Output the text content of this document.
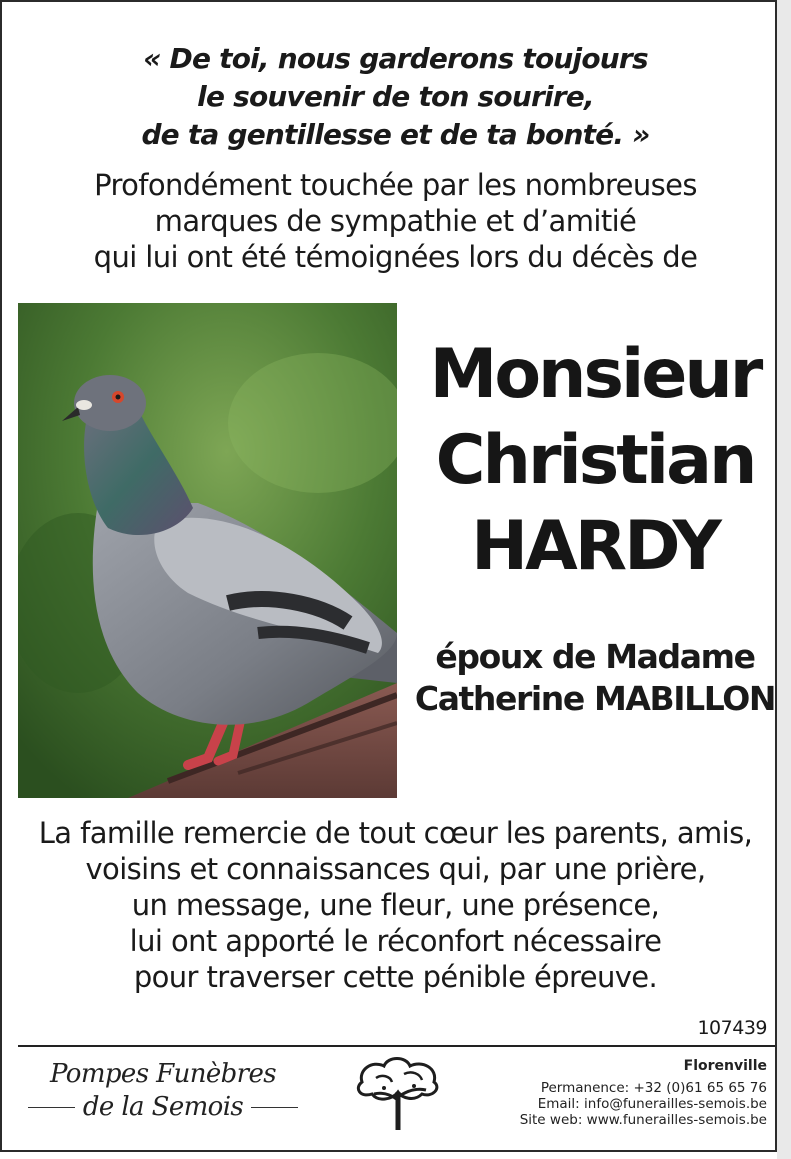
« De toi, nous garderons toujours
le souvenir de ton sourire,
de ta gentillesse et de ta bonté. »
Profondément touchée par les nombreuses
marques de sympathie et d’amitié
qui lui ont été témoignées lors du décès de
Monsieur
Christian
HARDY
époux de Madame
Catherine MABILLON
La famille remercie de tout cœur les parents, amis,
voisins et connaissances qui, par une prière,
un message, une fleur, une présence,
lui ont apporté le réconfort nécessaire
pour traverser cette pénible épreuve.
107439
Pompes Funèbres
de la Semois
Florenville
Permanence: +32 (0)61 65 65 76
Email: info@funerailles-semois.be
Site web: www.funerailles-semois.be
